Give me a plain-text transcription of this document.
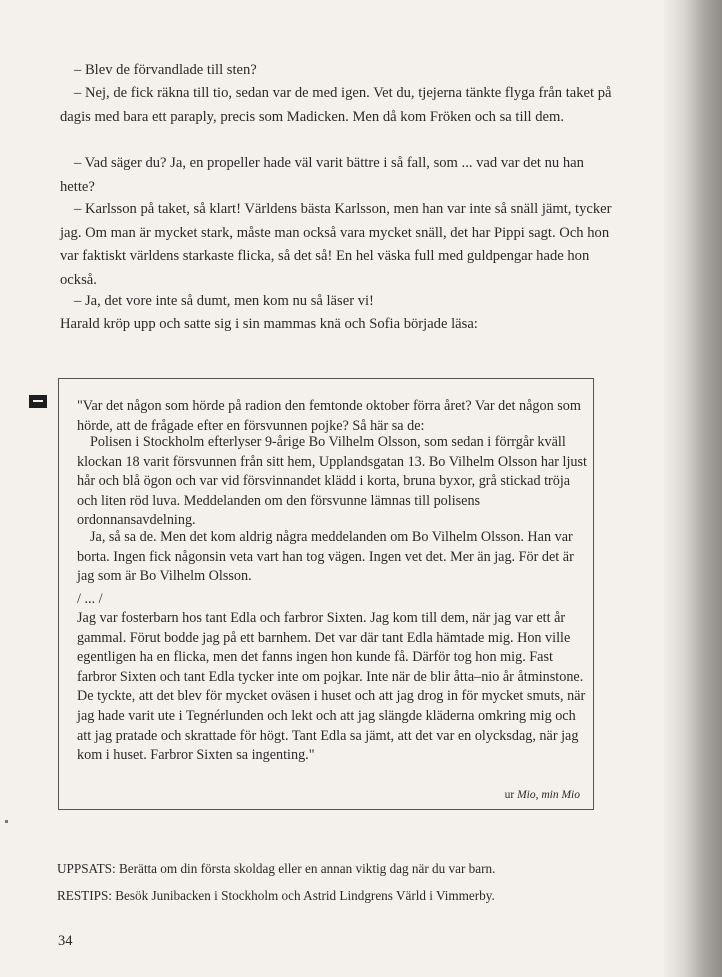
– Blev de förvandlade till sten?

– Nej, de fick räkna till tio, sedan var de med igen. Vet du, tjejerna tänkte flyga från taket på dagis med bara ett paraply, precis som Madicken. Men då kom Fröken och sa till dem.

– Vad säger du? Ja, en propeller hade väl varit bättre i så fall, som ... vad var det nu han hette?

– Karlsson på taket, så klart! Världens bästa Karlsson, men han var inte så snäll jämt, tycker jag. Om man är mycket stark, måste man också vara mycket snäll, det har Pippi sagt. Och hon var faktiskt världens starkaste flicka, så det så! En hel väska full med guldpengar hade hon också.

– Ja, det vore inte så dumt, men kom nu så läser vi!

Harald kröp upp och satte sig i sin mammas knä och Sofia började läsa:

"Var det någon som hörde på radion den femtonde oktober förra året? Var det någon som hörde, att de frågade efter en försvunnen pojke? Så här sa de:

Polisen i Stockholm efterlyser 9-årige Bo Vilhelm Olsson, som sedan i förrgår kväll klockan 18 varit försvunnen från sitt hem, Upplandsgatan 13. Bo Vilhelm Olsson har ljust hår och blå ögon och var vid försvinnandet klädd i korta, bruna byxor, grå stickad tröja och liten röd luva. Meddelanden om den försvunne lämnas till polisens ordonnansavdelning.

Ja, så sa de. Men det kom aldrig några meddelanden om Bo Vilhelm Olsson. Han var borta. Ingen fick någonsin veta vart han tog vägen. Ingen vet det. Mer än jag. För det är jag som är Bo Vilhelm Olsson.

/ ... /

Jag var fosterbarn hos tant Edla och farbror Sixten. Jag kom till dem, när jag var ett år gammal. Förut bodde jag på ett barnhem. Det var där tant Edla hämtade mig. Hon ville egentligen ha en flicka, men det fanns ingen hon kunde få. Därför tog hon mig. Fast farbror Sixten och tant Edla tycker inte om pojkar. Inte när de blir åtta–nio år åtminstone. De tyckte, att det blev för mycket oväsen i huset och att jag drog in för mycket smuts, när jag hade varit ute i Tegnérlunden och lekt och att jag slängde kläderna omkring mig och att jag pratade och skrattade för högt. Tant Edla sa jämt, att det var en olycksdag, när jag kom i huset. Farbror Sixten sa ingenting."

ur Mio, min Mio

UPPSATS: Berätta om din första skoldag eller en annan viktig dag när du var barn.

RESTIPS: Besök Junibacken i Stockholm och Astrid Lindgrens Värld i Vimmerby.

34
